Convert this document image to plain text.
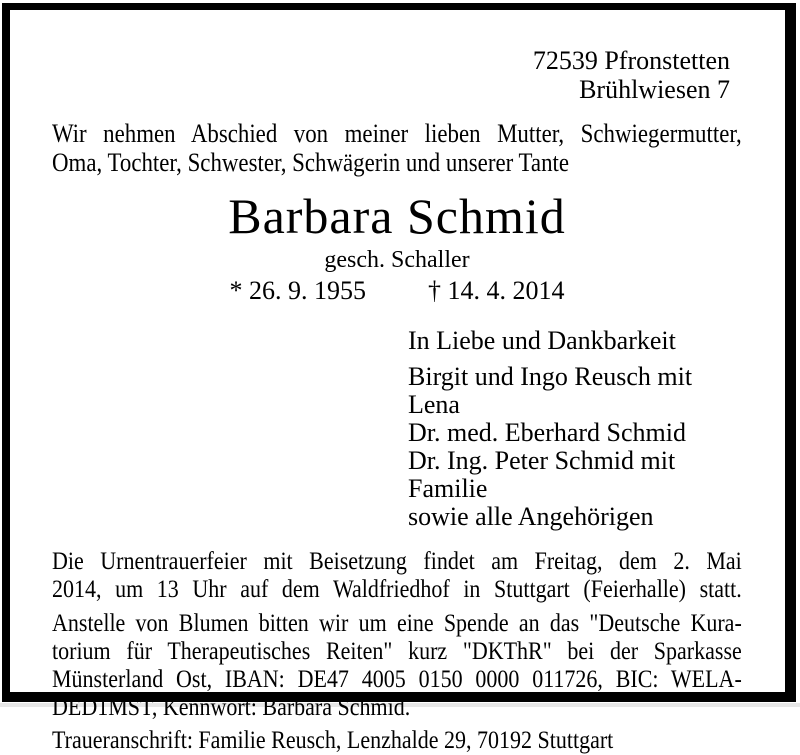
72539 Pfronstetten
Brühlwiesen 7
Wir nehmen Abschied von meiner lieben Mutter, Schwiegermutter,
Oma, Tochter, Schwester, Schwägerin und unserer Tante
Barbara Schmid
gesch. Schaller
* 26. 9. 1955 † 14. 4. 2014
In Liebe und Dankbarkeit
Birgit und Ingo Reusch mit Lena
Dr. med. Eberhard Schmid
Dr. Ing. Peter Schmid mit Familie
sowie alle Angehörigen
Die Urnentrauerfeier mit Beisetzung findet am Freitag, dem 2. Mai
2014, um 13 Uhr auf dem Waldfriedhof in Stuttgart (Feierhalle) statt.
Anstelle von Blumen bitten wir um eine Spende an das "Deutsche Kura-
torium für Therapeutisches Reiten" kurz "DKThR" bei der Sparkasse
Münsterland Ost, IBAN: DE47 4005 0150 0000 011726, BIC: WELA-
DED1MST, Kennwort: Barbara Schmid.
Traueranschrift: Familie Reusch, Lenzhalde 29, 70192 Stuttgart
